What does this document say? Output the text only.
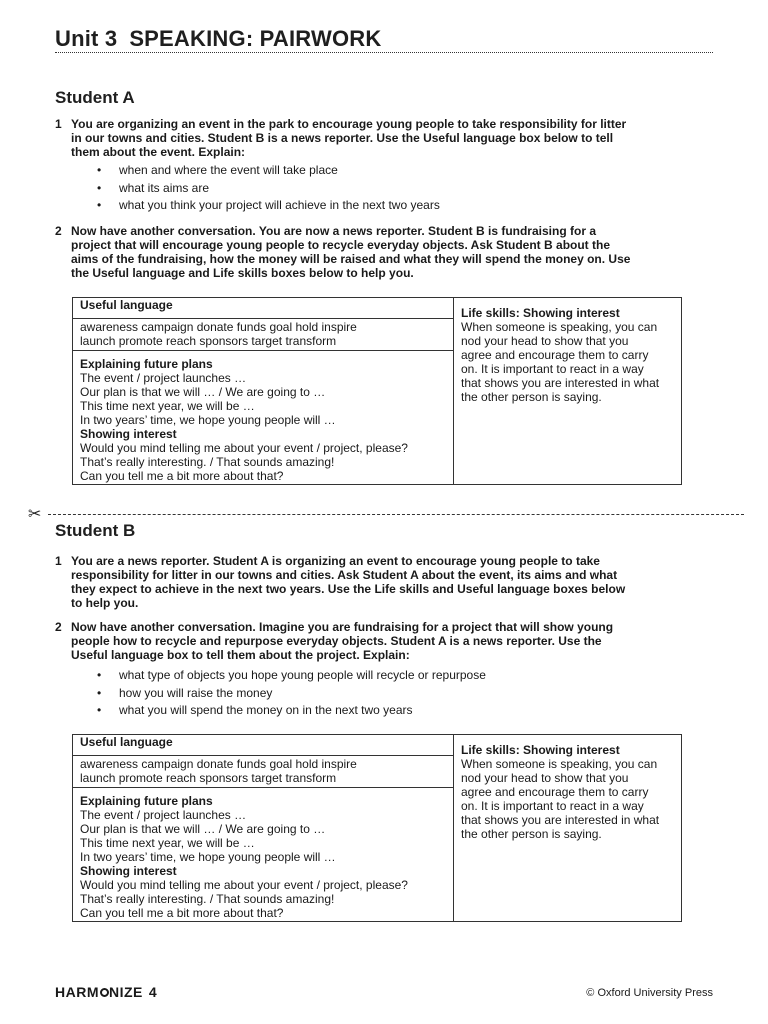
Unit 3 SPEAKING: PAIRWORK
Student A
1 You are organizing an event in the park to encourage young people to take responsibility for litter
in our towns and cities. Student B is a news reporter. Use the Useful language box below to tell
them about the event. Explain:
• when and where the event will take place
• what its aims are
• what you think your project will achieve in the next two years
2 Now have another conversation. You are now a news reporter. Student B is fundraising for a
project that will encourage young people to recycle everyday objects. Ask Student B about the
aims of the fundraising, how the money will be raised and what they will spend the money on. Use
the Useful language and Life skills boxes below to help you.
Useful language
awareness campaign donate funds goal hold inspire
launch promote reach sponsors target transform
Explaining future plans
The event / project launches …
Our plan is that we will … / We are going to …
This time next year, we will be …
In two years’ time, we hope young people will …
Showing interest
Would you mind telling me about your event / project, please?
That’s really interesting. / That sounds amazing!
Can you tell me a bit more about that?
Life skills: Showing interest
When someone is speaking, you can
nod your head to show that you
agree and encourage them to carry
on. It is important to react in a way
that shows you are interested in what
the other person is saying.
✂
Student B
1 You are a news reporter. Student A is organizing an event to encourage young people to take
responsibility for litter in our towns and cities. Ask Student A about the event, its aims and what
they expect to achieve in the next two years. Use the Life skills and Useful language boxes below
to help you.
2 Now have another conversation. Imagine you are fundraising for a project that will show young
people how to recycle and repurpose everyday objects. Student A is a news reporter. Use the
Useful language box to tell them about the project. Explain:
• what type of objects you hope young people will recycle or repurpose
• how you will raise the money
• what you will spend the money on in the next two years
Useful language
awareness campaign donate funds goal hold inspire
launch promote reach sponsors target transform
Explaining future plans
The event / project launches …
Our plan is that we will … / We are going to …
This time next year, we will be …
In two years’ time, we hope young people will …
Showing interest
Would you mind telling me about your event / project, please?
That’s really interesting. / That sounds amazing!
Can you tell me a bit more about that?
Life skills: Showing interest
When someone is speaking, you can
nod your head to show that you
agree and encourage them to carry
on. It is important to react in a way
that shows you are interested in what
the other person is saying.
HARM NIZE 4	© Oxford University Press
